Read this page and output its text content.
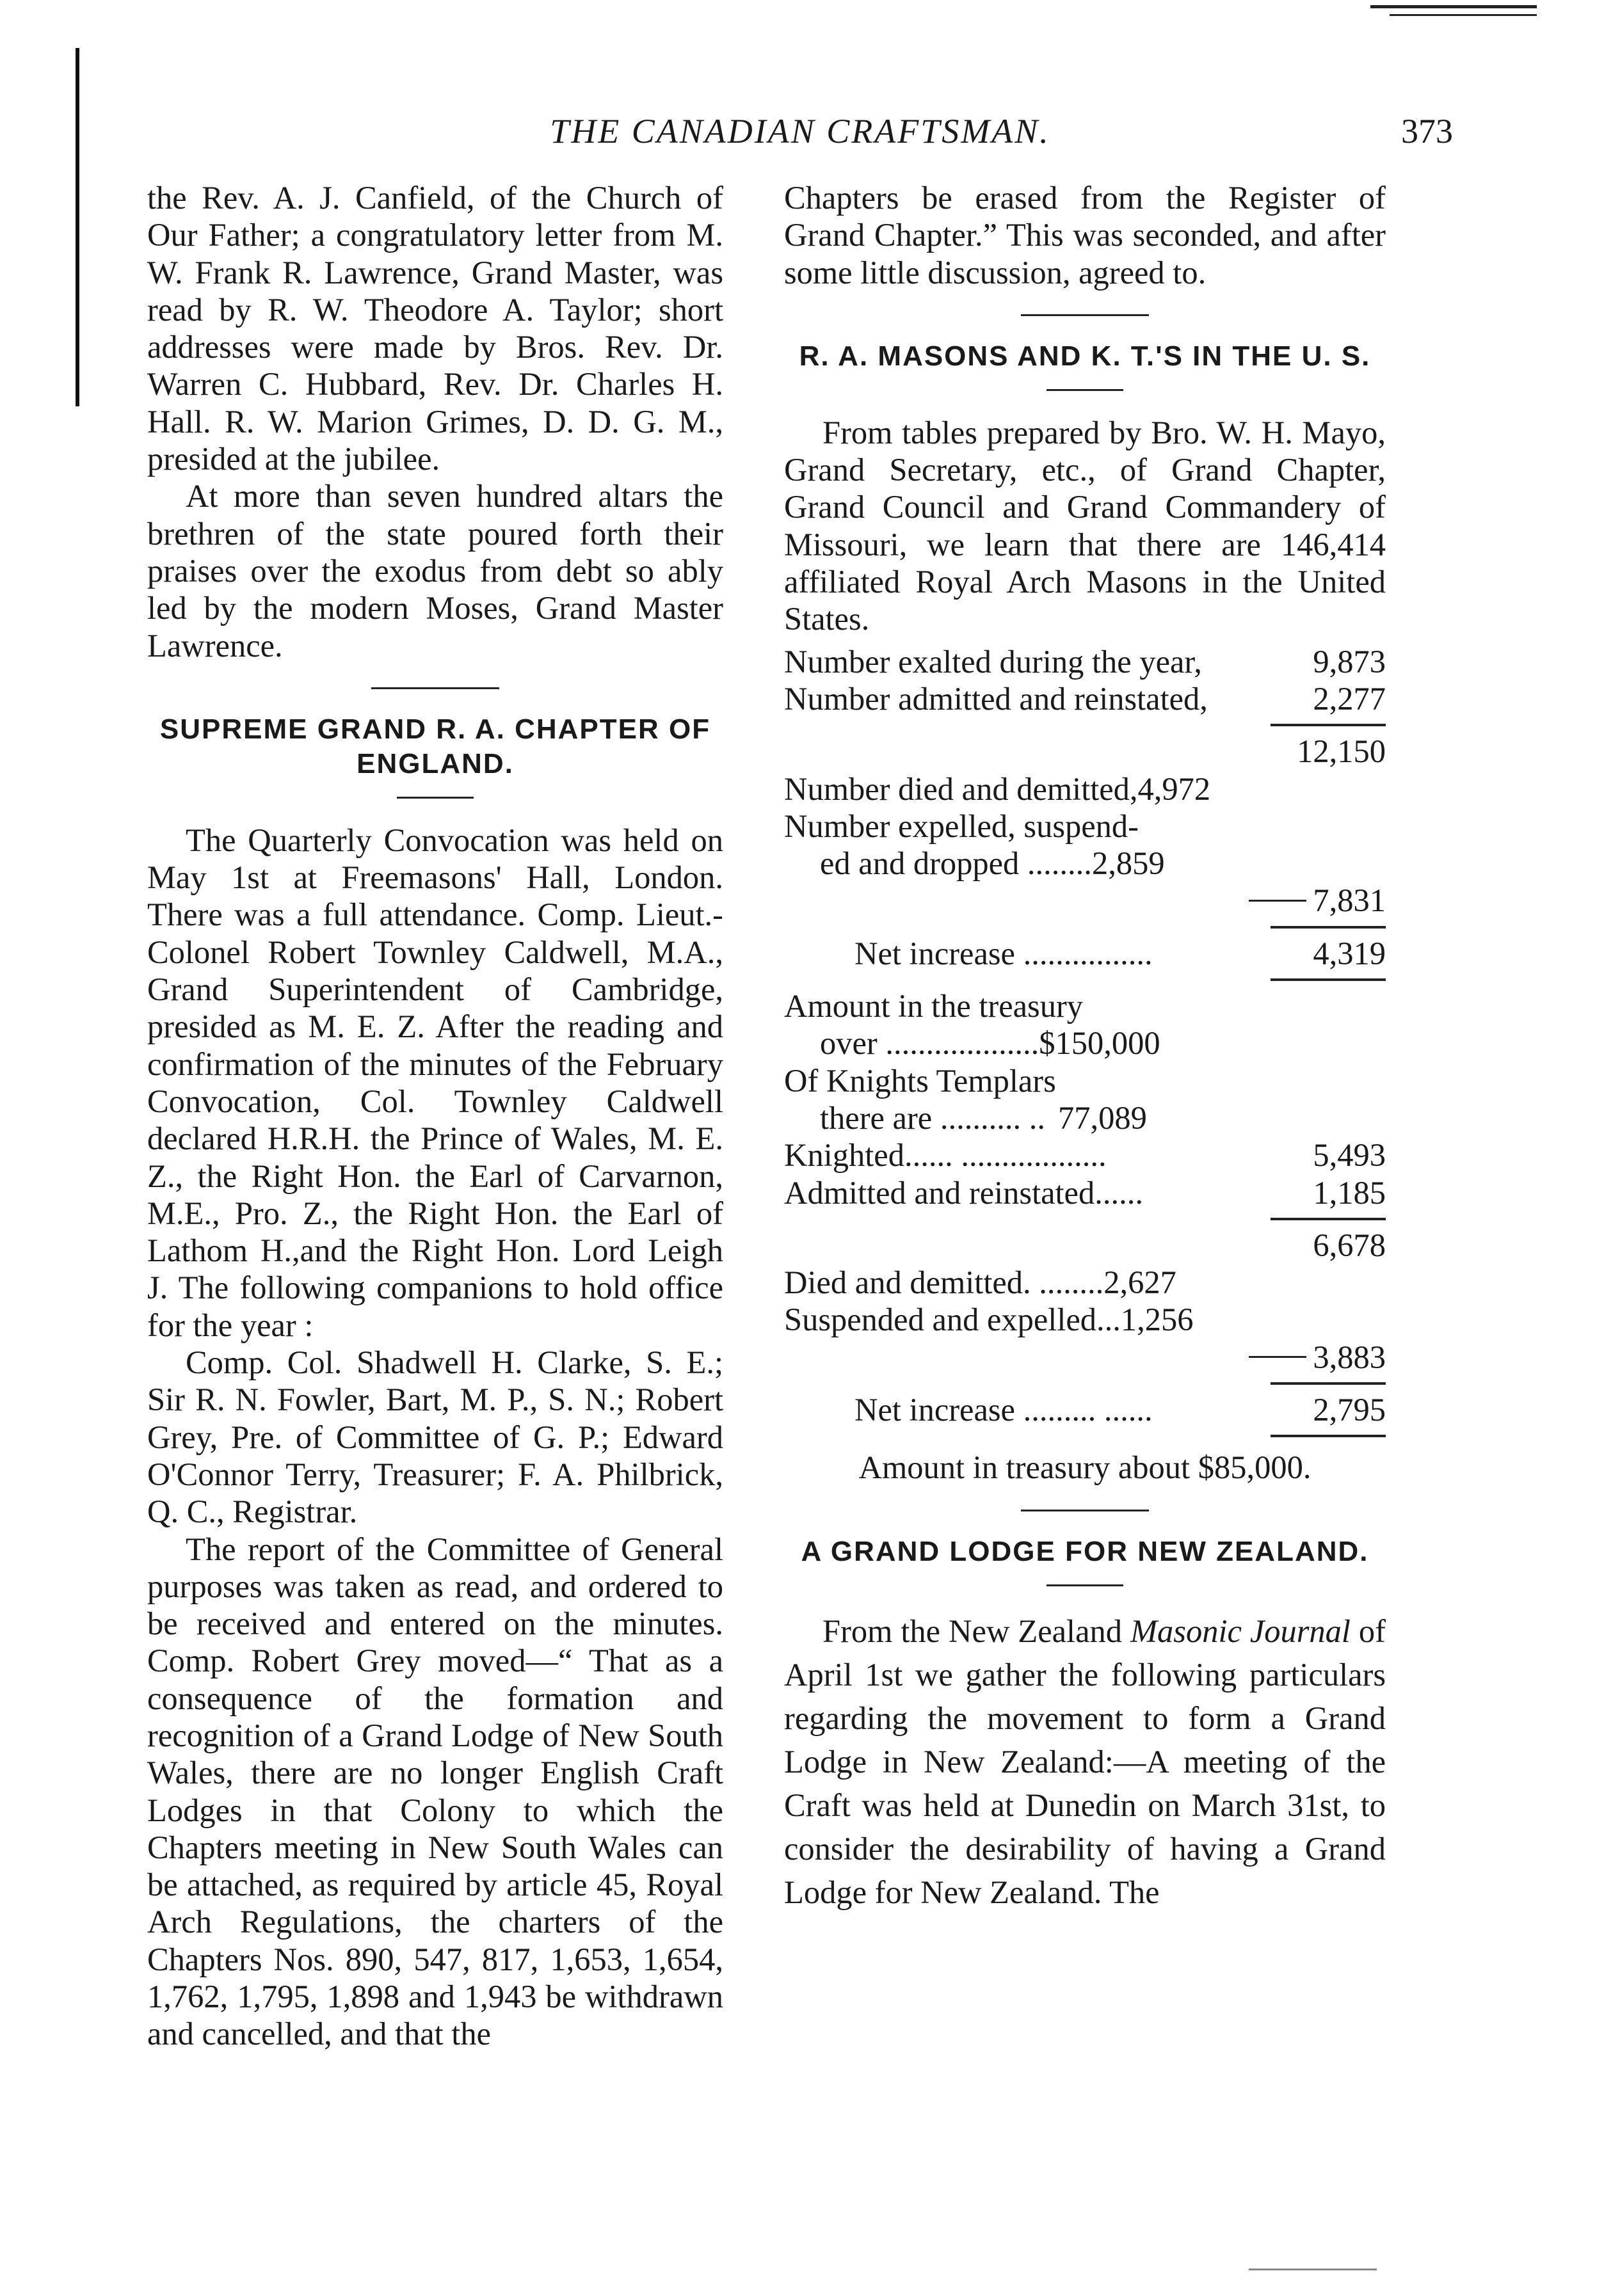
THE CANADIAN CRAFTSMAN.	373

the Rev. A. J. Canfield, of the Church of Our Father; a congratulatory letter from M. W. Frank R. Lawrence, Grand Master, was read by R. W. Theodore A. Taylor; short addresses were made by Bros. Rev. Dr. Warren C. Hubbard, Rev. Dr. Charles H. Hall. R. W. Marion Grimes, D. D. G. M., presided at the jubilee.

At more than seven hundred altars the brethren of the state poured forth their praises over the exodus from debt so ably led by the modern Moses, Grand Master Lawrence.

SUPREME GRAND R. A. CHAPTER OF ENGLAND.

The Quarterly Convocation was held on May 1st at Freemasons' Hall, London. There was a full attendance. Comp. Lieut.-Colonel Robert Townley Caldwell, M.A., Grand Superintendent of Cambridge, presided as M. E. Z. After the reading and confirmation of the minutes of the February Convocation, Col. Townley Caldwell declared H.R.H. the Prince of Wales, M. E. Z., the Right Hon. the Earl of Carvarnon, M.E., Pro. Z., the Right Hon. the Earl of Lathom H.,and the Right Hon. Lord Leigh J. The following companions to hold office for the year :

Comp. Col. Shadwell H. Clarke, S. E.; Sir R. N. Fowler, Bart, M. P., S. N.; Robert Grey, Pre. of Committee of G. P.; Edward O'Connor Terry, Treasurer; F. A. Philbrick, Q. C., Registrar.

The report of the Committee of General purposes was taken as read, and ordered to be received and entered on the minutes. Comp. Robert Grey moved—“ That as a consequence of the formation and recognition of a Grand Lodge of New South Wales, there are no longer English Craft Lodges in that Colony to which the Chapters meeting in New South Wales can be attached, as required by article 45, Royal Arch Regulations, the charters of the Chapters Nos. 890, 547, 817, 1,653, 1,654, 1,762, 1,795, 1,898 and 1,943 be withdrawn and cancelled, and that the

Chapters be erased from the Register of Grand Chapter.” This was seconded, and after some little discussion, agreed to.

R. A. MASONS AND K. T.'S IN THE U. S.

From tables prepared by Bro. W. H. Mayo, Grand Secretary, etc., of Grand Chapter, Grand Council and Grand Commandery of Missouri, we learn that there are 146,414 affiliated Royal Arch Masons in the United States.

Number exalted during the year,	9,873
Number admitted and reinstated,	2,277
12,150
Number died and demitted, 4,972
Number expelled, suspend-
ed and dropped ........ 2,859
7,831
Net increase ................	4,319
Amount in the treasury
over ................... $150,000
Of Knights Templars
there are .......... .. 77,089
Knighted...... ..................	5,493
Admitted and reinstated......	1,185
6,678
Died and demitted. ........ 2,627
Suspended and expelled... 1,256
3,883
Net increase ......... ......	2,795
Amount in treasury about $85,000.
A GRAND LODGE FOR NEW ZEALAND.

From the New Zealand Masonic Journal of April 1st we gather the following particulars regarding the movement to form a Grand Lodge in New Zealand:—A meeting of the Craft was held at Dunedin on March 31st, to consider the desirability of having a Grand Lodge for New Zealand. The
